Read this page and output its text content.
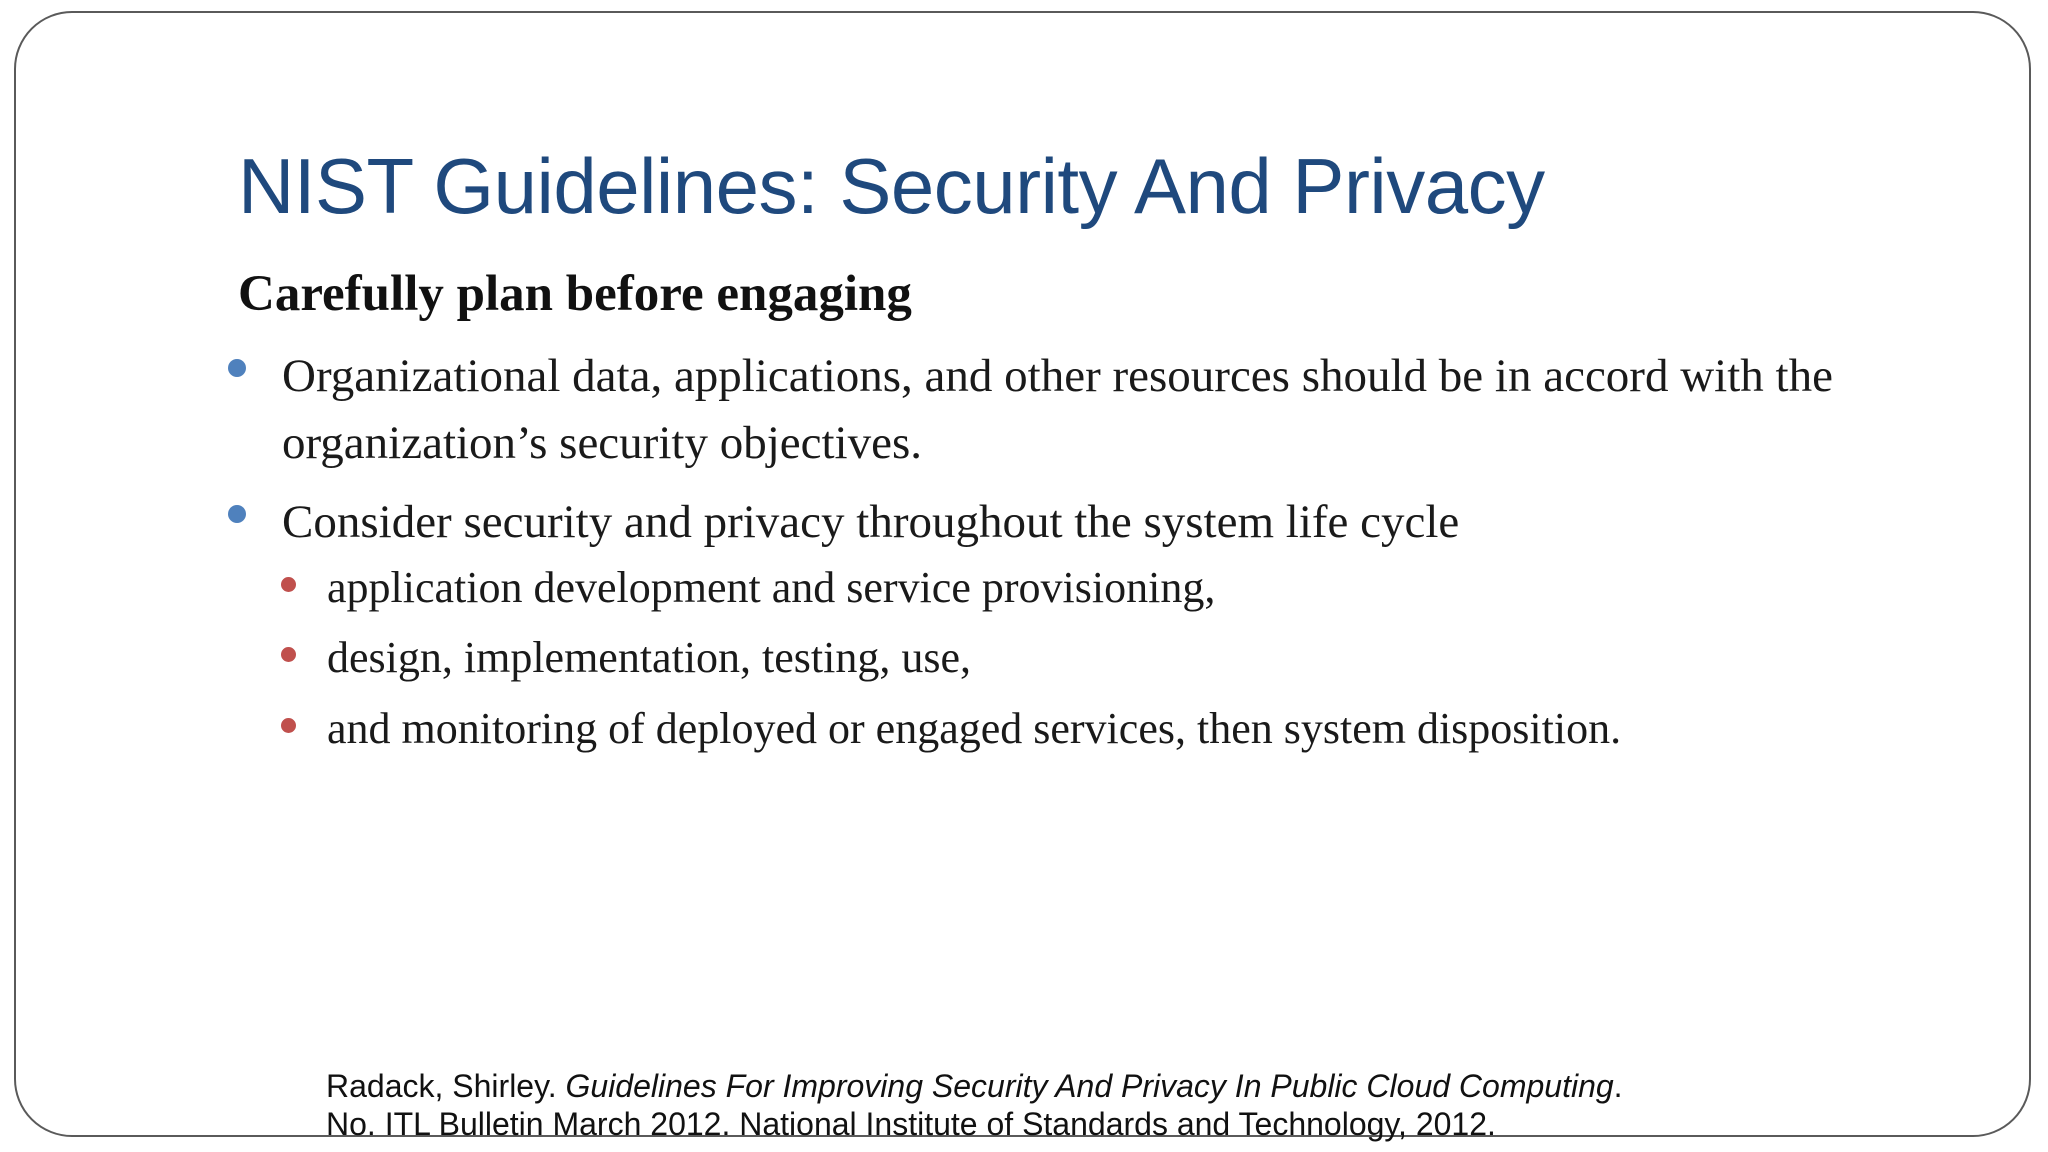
NIST Guidelines: Security And Privacy
Carefully plan before engaging
Organizational data, applications, and other resources should be in accord with the organization’s security objectives.
Consider security and privacy throughout the system life cycle
application development and service provisioning,
design, implementation, testing, use,
and monitoring of deployed or engaged services, then system disposition.
Radack, Shirley. Guidelines For Improving Security And Privacy In Public Cloud Computing.
No. ITL Bulletin March 2012. National Institute of Standards and Technology, 2012.
